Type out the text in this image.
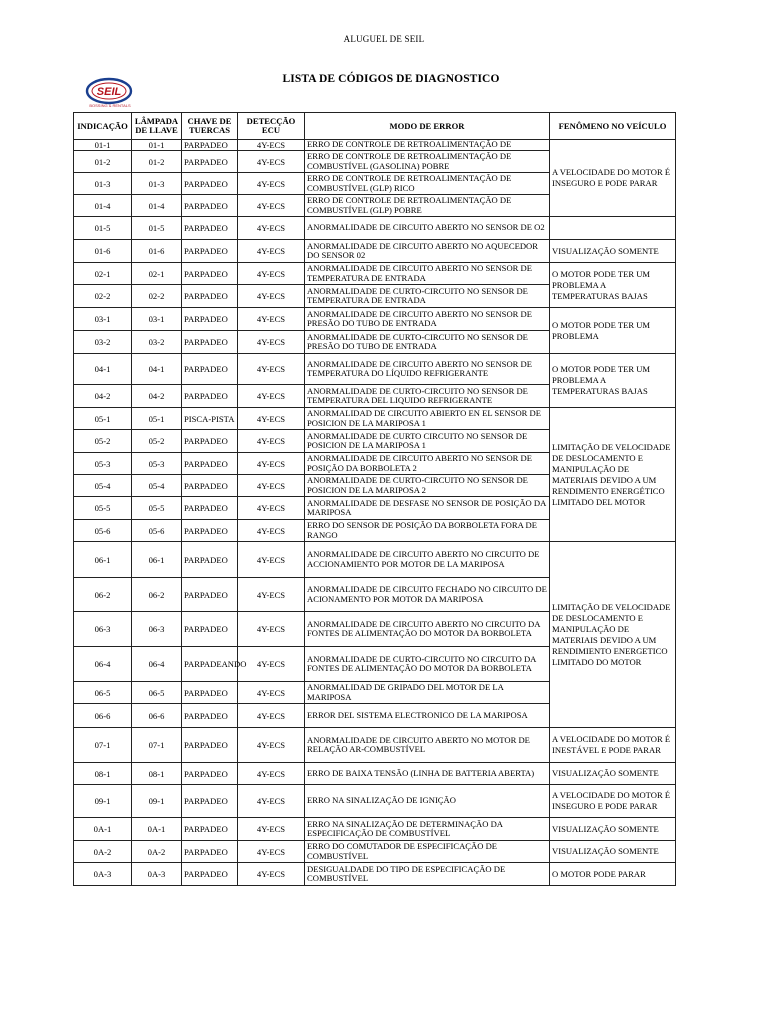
ALUGUEL DE SEIL
SEIL
BOSSING & RENTALS
LISTA DE CÓDIGOS DE DIAGNOSTICO
INDICAÇÃO	LÂMPADA DE LLAVE	CHAVE DE TUERCAS	DETECÇÃO ECU	MODO DE ERROR	FENÔMENO NO VEÍCULO
01-1	01-1	PARPADEO	4Y-ECS	ERRO DE CONTROLE DE RETROALIMENTAÇÃO DE	A VELOCIDADE DO MOTOR É INSEGURO E PODE PARAR
01-2	01-2	PARPADEO	4Y-ECS	ERRO DE CONTROLE DE RETROALIMENTAÇÃO DE COMBUSTÍVEL (GASOLINA) POBRE	
01-3	01-3	PARPADEO	4Y-ECS	ERRO DE CONTROLE DE RETROALIMENTAÇÃO DE COMBUSTÍVEL (GLP) RICO	
01-4	01-4	PARPADEO	4Y-ECS	ERRO DE CONTROLE DE RETROALIMENTAÇÃO DE COMBUSTÍVEL (GLP) POBRE	
01-5	01-5	PARPADEO	4Y-ECS	ANORMALIDADE DE CIRCUITO ABERTO NO SENSOR DE O2	
01-6	01-6	PARPADEO	4Y-ECS	ANORMALIDADE DE CIRCUITO ABERTO NO AQUECEDOR DO SENSOR 02	VISUALIZAÇÃO SOMENTE
02-1	02-1	PARPADEO	4Y-ECS	ANORMALIDADE DE CIRCUITO ABERTO NO SENSOR DE TEMPERATURA DE ENTRADA	O MOTOR PODE TER UM PROBLEMA A TEMPERATURAS BAJAS
02-2	02-2	PARPADEO	4Y-ECS	ANORMALIDADE DE CURTO-CIRCUITO NO SENSOR DE TEMPERATURA DE ENTRADA	
03-1	03-1	PARPADEO	4Y-ECS	ANORMALIDADE DE CIRCUITO ABERTO NO SENSOR DE PRESÃO DO TUBO DE ENTRADA	O MOTOR PODE TER UM PROBLEMA
03-2	03-2	PARPADEO	4Y-ECS	ANORMALIDADE DE CURTO-CIRCUITO NO SENSOR DE PRESÃO DO TUBO DE ENTRADA	
04-1	04-1	PARPADEO	4Y-ECS	ANORMALIDADE DE CIRCUITO ABERTO NO SENSOR DE TEMPERATURA DO LÍQUIDO REFRIGERANTE	O MOTOR PODE TER UM PROBLEMA A TEMPERATURAS BAJAS
04-2	04-2	PARPADEO	4Y-ECS	ANORMALIDADE DE CURTO-CIRCUITO NO SENSOR DE TEMPERATURA DEL LIQUIDO REFRIGERANTE	
05-1	05-1	PISCA-PISTA	4Y-ECS	ANORMALIDAD DE CIRCUITO ABIERTO EN EL SENSOR DE POSICION DE LA MARIPOSA 1	LIMITAÇÃO DE VELOCIDADE DE DESLOCAMENTO E MANIPULAÇÃO DE MATERIAIS DEVIDO A UM RENDIMENTO ENERGÉTICO LIMITADO DEL MOTOR
05-2	05-2	PARPADEO	4Y-ECS	ANORMALIDADE DE CURTO CIRCUITO NO SENSOR DE POSICION DE LA MARIPOSA 1	
05-3	05-3	PARPADEO	4Y-ECS	ANORMALIDADE DE CIRCUITO ABERTO NO SENSOR DE POSIÇÃO DA BORBOLETA 2	
05-4	05-4	PARPADEO	4Y-ECS	ANORMALIDADE DE CURTO-CIRCUITO NO SENSOR DE POSICION DE LA MARIPOSA 2	
05-5	05-5	PARPADEO	4Y-ECS	ANORMALIDADE DE DESFASE NO SENSOR DE POSIÇÃO DA MARIPOSA	
05-6	05-6	PARPADEO	4Y-ECS	ERRO DO SENSOR DE POSIÇÃO DA BORBOLETA FORA DE RANGO	
06-1	06-1	PARPADEO	4Y-ECS	ANORMALIDADE DE CIRCUITO ABERTO NO CIRCUITO DE ACCIONAMIENTO POR MOTOR DE LA MARIPOSA	LIMITAÇÃO DE VELOCIDADE DE DESLOCAMENTO E MANIPULAÇÃO DE MATERIAIS DEVIDO A UM RENDIMIENTO ENERGETICO LIMITADO DO MOTOR
06-2	06-2	PARPADEO	4Y-ECS	ANORMALIDADE DE CIRCUITO FECHADO NO CIRCUITO DE ACIONAMENTO POR MOTOR DA MARIPOSA	
06-3	06-3	PARPADEO	4Y-ECS	ANORMALIDADE DE CIRCUITO ABERTO NO CIRCUITO DA FONTES DE ALIMENTAÇÃO DO MOTOR DA BORBOLETA	
06-4	06-4	PARPADEANDO	4Y-ECS	ANORMALIDADE DE CURTO-CIRCUITO NO CIRCUITO DA FONTES DE ALIMENTAÇÃO DO MOTOR DA BORBOLETA	
06-5	06-5	PARPADEO	4Y-ECS	ANORMALIDAD DE GRIPADO DEL MOTOR DE LA MARIPOSA	
06-6	06-6	PARPADEO	4Y-ECS	ERROR DEL SISTEMA ELECTRONICO DE LA MARIPOSA	
07-1	07-1	PARPADEO	4Y-ECS	ANORMALIDADE DE CIRCUITO ABERTO NO MOTOR DE RELAÇÃO AR-COMBUSTÍVEL	A VELOCIDADE DO MOTOR É INESTÁVEL E PODE PARAR
08-1	08-1	PARPADEO	4Y-ECS	ERRO DE BAIXA TENSÃO (LINHA DE BATTERIA ABERTA)	VISUALIZAÇÃO SOMENTE
09-1	09-1	PARPADEO	4Y-ECS	ERRO NA SINALIZAÇÃO DE IGNIÇÃO	A VELOCIDADE DO MOTOR É INSEGURO E PODE PARAR
0A-1	0A-1	PARPADEO	4Y-ECS	ERRO NA SINALIZAÇÃO DE DETERMINAÇÃO DA ESPECIFICAÇÃO DE COMBUSTÍVEL	VISUALIZAÇÃO SOMENTE
0A-2	0A-2	PARPADEO	4Y-ECS	ERRO DO COMUTADOR DE ESPECIFICAÇÃO DE COMBUSTÍVEL	VISUALIZAÇÃO SOMENTE
0A-3	0A-3	PARPADEO	4Y-ECS	DESIGUALDADE DO TIPO DE ESPECIFICAÇÃO DE COMBUSTÍVEL	O MOTOR PODE PARAR
